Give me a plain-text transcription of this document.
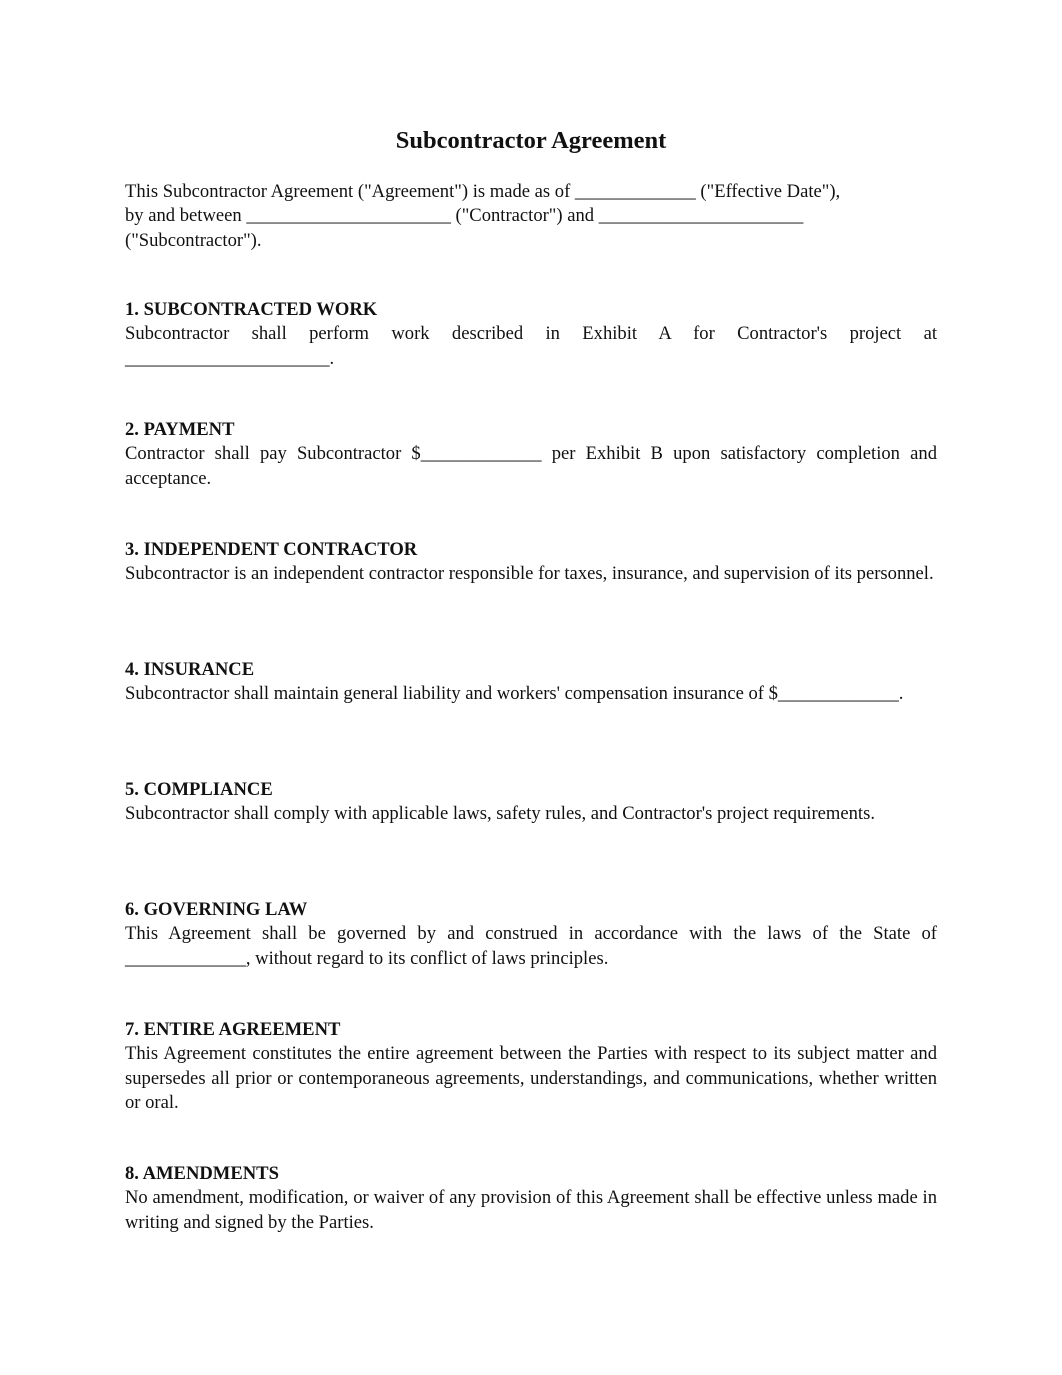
Subcontractor Agreement
This Subcontractor Agreement ("Agreement") is made as of _____________ ("Effective Date"),
by and between ______________________ ("Contractor") and ______________________
("Subcontractor").

1. SUBCONTRACTED WORK

Subcontractor shall perform work described in Exhibit A for Contractor's project at ______________________.

2. PAYMENT

Contractor shall pay Subcontractor $_____________ per Exhibit B upon satisfactory completion and acceptance.

3. INDEPENDENT CONTRACTOR

Subcontractor is an independent contractor responsible for taxes, insurance, and supervision of its personnel.

4. INSURANCE

Subcontractor shall maintain general liability and workers' compensation insurance of $_____________.

5. COMPLIANCE

Subcontractor shall comply with applicable laws, safety rules, and Contractor's project requirements.

6. GOVERNING LAW

This Agreement shall be governed by and construed in accordance with the laws of the State of _____________, without regard to its conflict of laws principles.

7. ENTIRE AGREEMENT

This Agreement constitutes the entire agreement between the Parties with respect to its subject matter and supersedes all prior or contemporaneous agreements, understandings, and communications, whether written or oral.

8. AMENDMENTS

No amendment, modification, or waiver of any provision of this Agreement shall be effective unless made in writing and signed by the Parties.
